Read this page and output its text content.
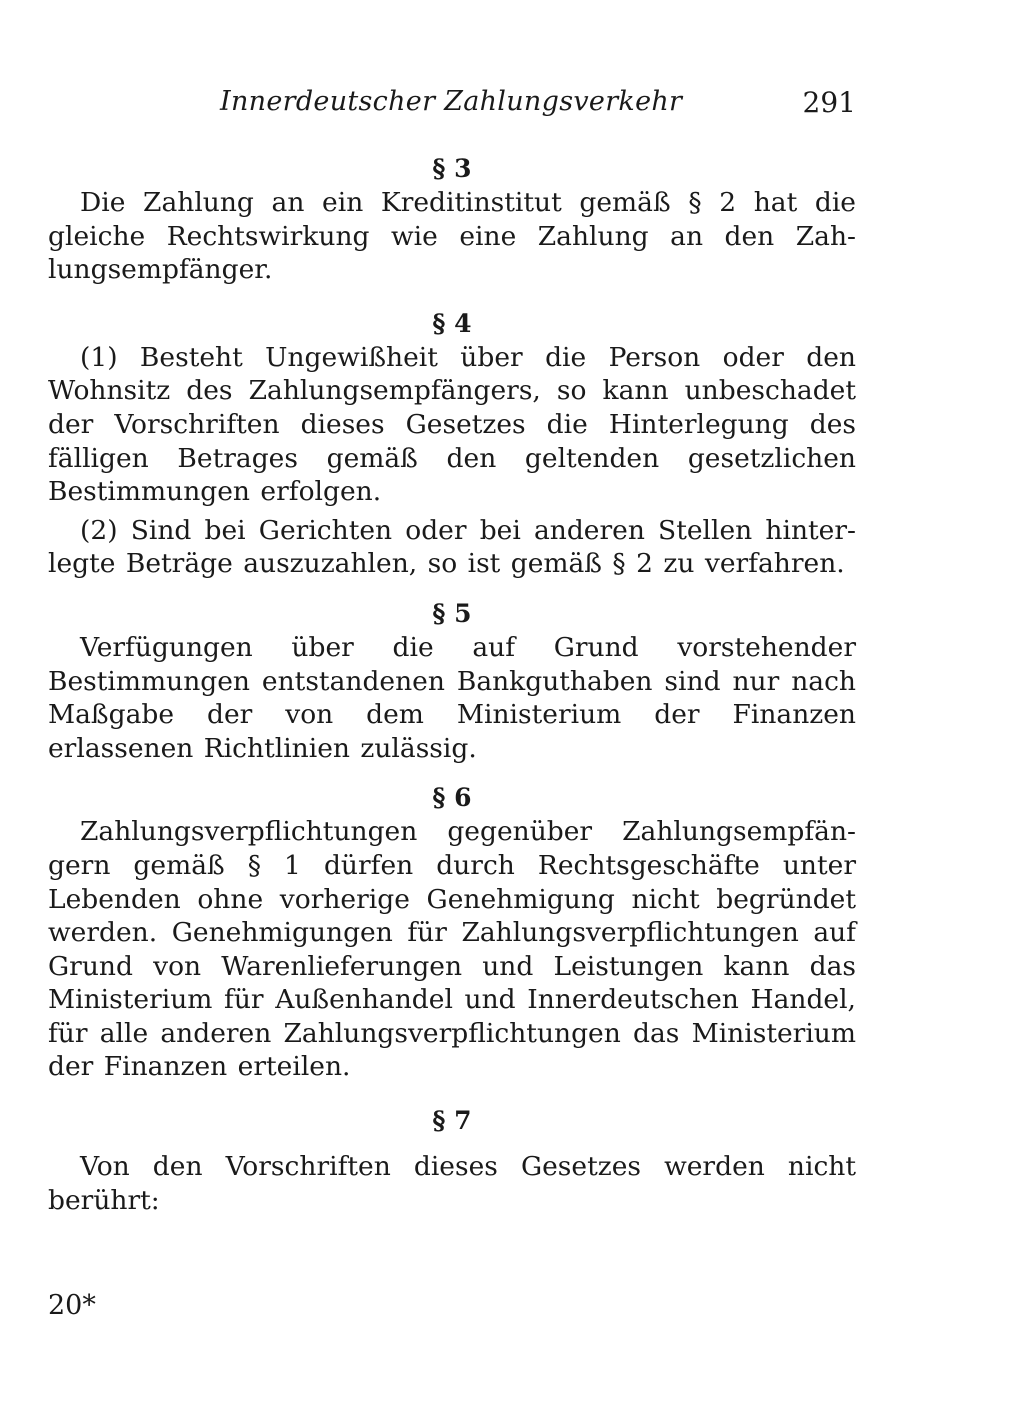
Innerdeutscher Zahlungsverkehr	291
§ 3

Die Zahlung an ein Kreditinstitut gemäß § 2 hat die gleiche Rechtswirkung wie eine Zahlung an den Zahlungsempfänger.

§ 4

(1) Besteht Ungewißheit über die Person oder den Wohnsitz des Zahlungsempfängers, so kann unbeschadet der Vorschriften dieses Gesetzes die Hinterlegung des fälligen Betrages gemäß den geltenden gesetzlichen Bestimmungen erfolgen.

(2) Sind bei Gerichten oder bei anderen Stellen hinterlegte Beträge auszuzahlen, so ist gemäß § 2 zu verfahren.

§ 5

Verfügungen über die auf Grund vorstehender Bestimmungen entstandenen Bankguthaben sind nur nach Maßgabe der von dem Ministerium der Finanzen erlassenen Richtlinien zulässig.

§ 6

Zahlungsverpflichtungen gegenüber Zahlungsempfängern gemäß § 1 dürfen durch Rechtsgeschäfte unter Lebenden ohne vorherige Genehmigung nicht begründet werden. Genehmigungen für Zahlungsverpflichtungen auf Grund von Warenlieferungen und Leistungen kann das Ministerium für Außenhandel und Innerdeutschen Handel, für alle anderen Zahlungsverpflichtungen das Ministerium der Finanzen erteilen.

§ 7

Von den Vorschriften dieses Gesetzes werden nicht berührt:

20*
